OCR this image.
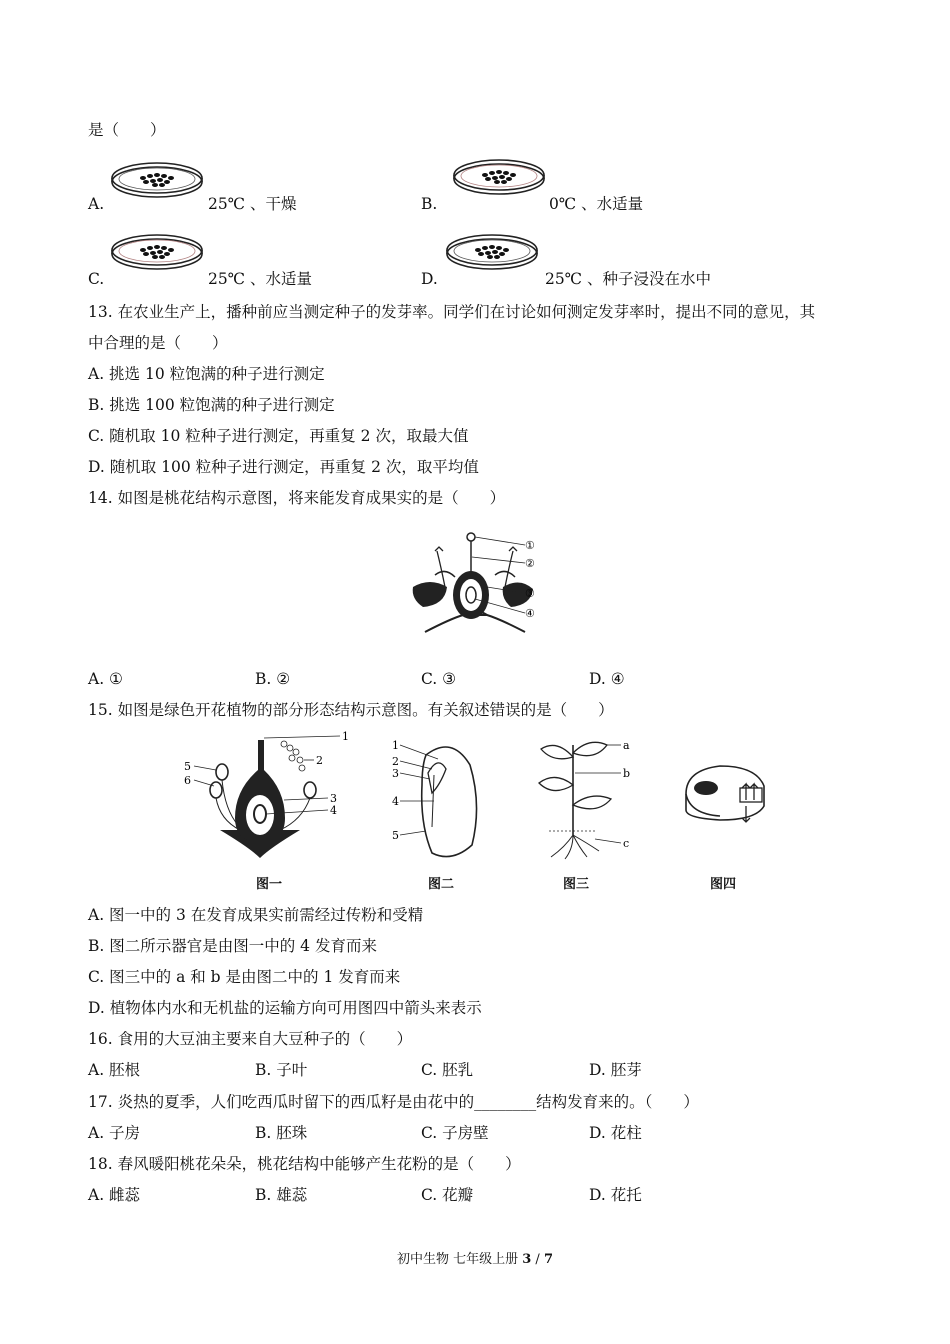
是（　　）
A.	25℃ 、干燥	B.	0℃ 、水适量
C.	25℃ 、水适量	D.	25℃ 、种子浸没在水中
13. 在农业生产上，播种前应当测定种子的发芽率。同学们在讨论如何测定发芽率时，提出不同的意见，其
中合理的是（　　）
A. 挑选 10 粒饱满的种子进行测定
B. 挑选 100 粒饱满的种子进行测定
C. 随机取 10 粒种子进行测定，再重复 2 次，取最大值
D. 随机取 100 粒种子进行测定，再重复 2 次，取平均值
14. 如图是桃花结构示意图，将来能发育成果实的是（　　）
①
②
③
④
A. ①	B. ②	C. ③	D. ④
15. 如图是绿色开花植物的部分形态结构示意图。有关叙述错误的是（　　）
1
2
3
4
5
6
1
2
3
4
5
a
b
c
图一	图二	图三	图四
A. 图一中的 3 在发育成果实前需经过传粉和受精
B. 图二所示器官是由图一中的 4 发育而来
C. 图三中的 a 和 b 是由图二中的 1 发育而来
D. 植物体内水和无机盐的运输方向可用图四中箭头来表示
16. 食用的大豆油主要来自大豆种子的（　　）
A. 胚根	B. 子叶	C. 胚乳	D. 胚芽
17. 炎热的夏季，人们吃西瓜时留下的西瓜籽是由花中的________结构发育来的。（　　）
A. 子房	B. 胚珠	C. 子房壁	D. 花柱
18. 春风暖阳桃花朵朵，桃花结构中能够产生花粉的是（　　）
A. 雌蕊	B. 雄蕊	C. 花瓣	D. 花托
初中生物 七年级上册 3 / 7
